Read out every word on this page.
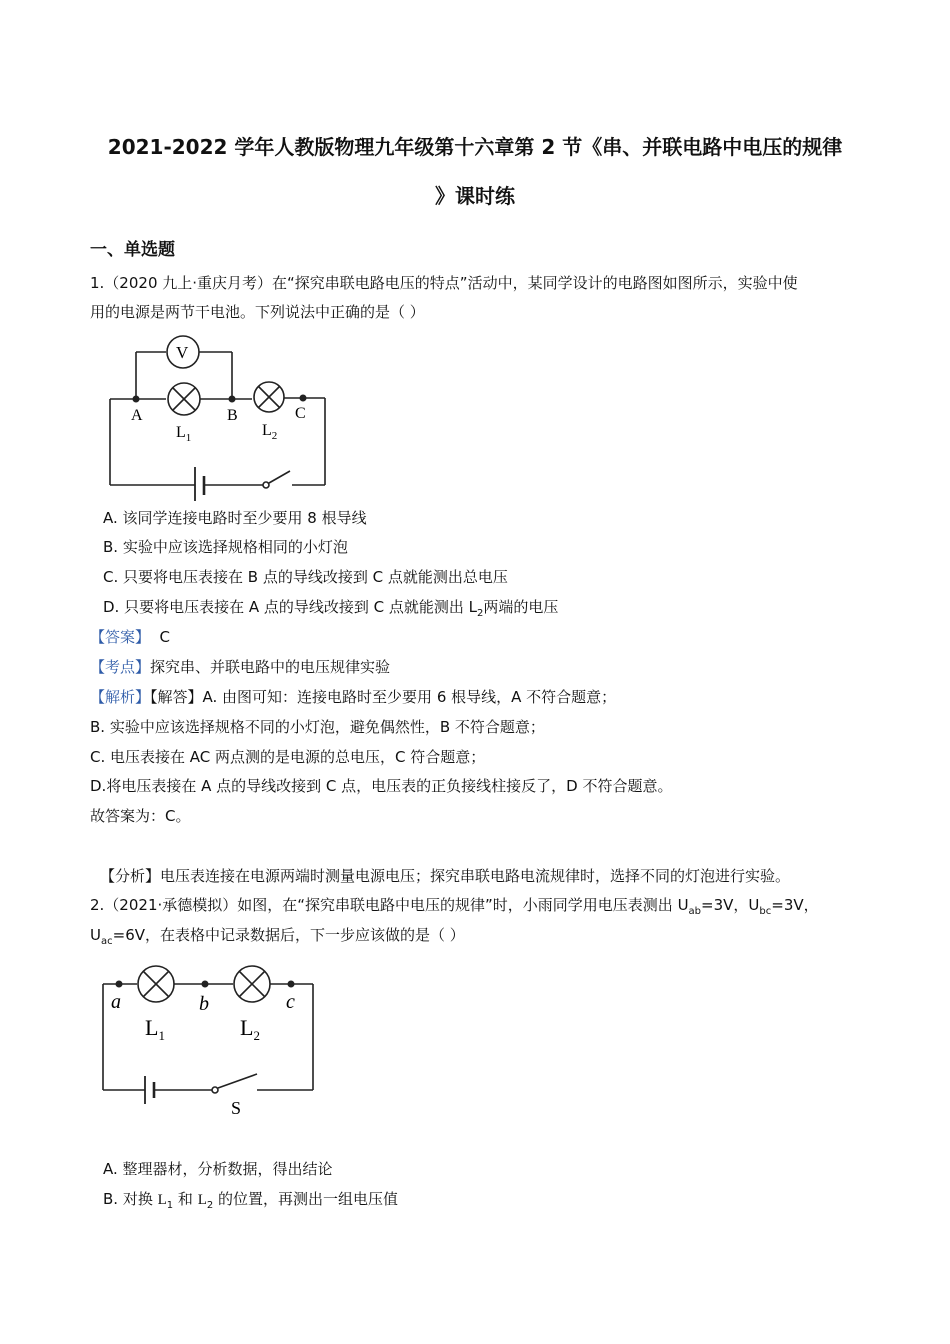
2021-2022 学年人教版物理九年级第十六章第 2 节《串、并联电路中电压的规律
》课时练
一、单选题
1.（2020 九上·重庆月考）在“探究串联电路电压的特点”活动中，某同学设计的电路图如图所示，实验中使
用的电源是两节干电池。下列说法中正确的是（ ）
V
A	B	C
$L_1$	$L_2$
A. 该同学连接电路时至少要用 8 根导线
B. 实验中应该选择规格相同的小灯泡
C. 只要将电压表接在 B 点的导线改接到 C 点就能测出总电压
D. 只要将电压表接在 A 点的导线改接到 C 点就能测出 $L_2$两端的电压
【答案】  C
【考点】探究串、并联电路中的电压规律实验
【解析】【解答】A. 由图可知：连接电路时至少要用 6 根导线，A 不符合题意；
B. 实验中应该选择规格不同的小灯泡，避免偶然性，B 不符合题意；
C. 电压表接在 AC 两点测的是电源的总电压，C 符合题意；
D.将电压表接在 A 点的导线改接到 C 点，电压表的正负接线柱接反了，D 不符合题意。
故答案为：C。
【分析】电压表连接在电源两端时测量电源电压；探究串联电路电流规律时，选择不同的灯泡进行实验。
2.（2021·承德模拟）如图，在“探究串联电路中电压的规律”时，小雨同学用电压表测出 $U_{ab}=3V$，$U_{bc}=3V$，
$U_{ac}=6V$，在表格中记录数据后，下一步应该做的是（ ）
a	b	c
$L_1$	$L_2$
S
A. 整理器材，分析数据，得出结论
B. 对换 $L_1$ 和 $L_2$ 的位置，再测出一组电压值
